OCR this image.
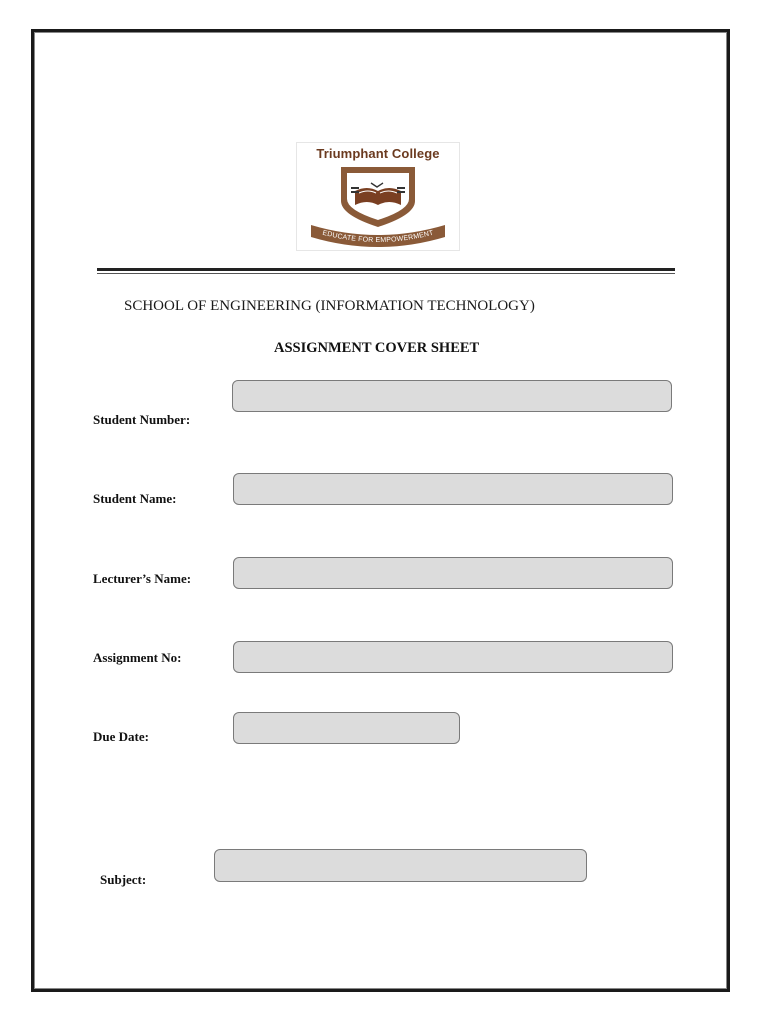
Triumphant College
EDUCATE FOR EMPOWERMENT
SCHOOL OF ENGINEERING (INFORMATION TECHNOLOGY)
ASSIGNMENT COVER SHEET
Student Number:
Student Name:
Lecturer’s Name:
Assignment No:
Due Date:
Subject:
